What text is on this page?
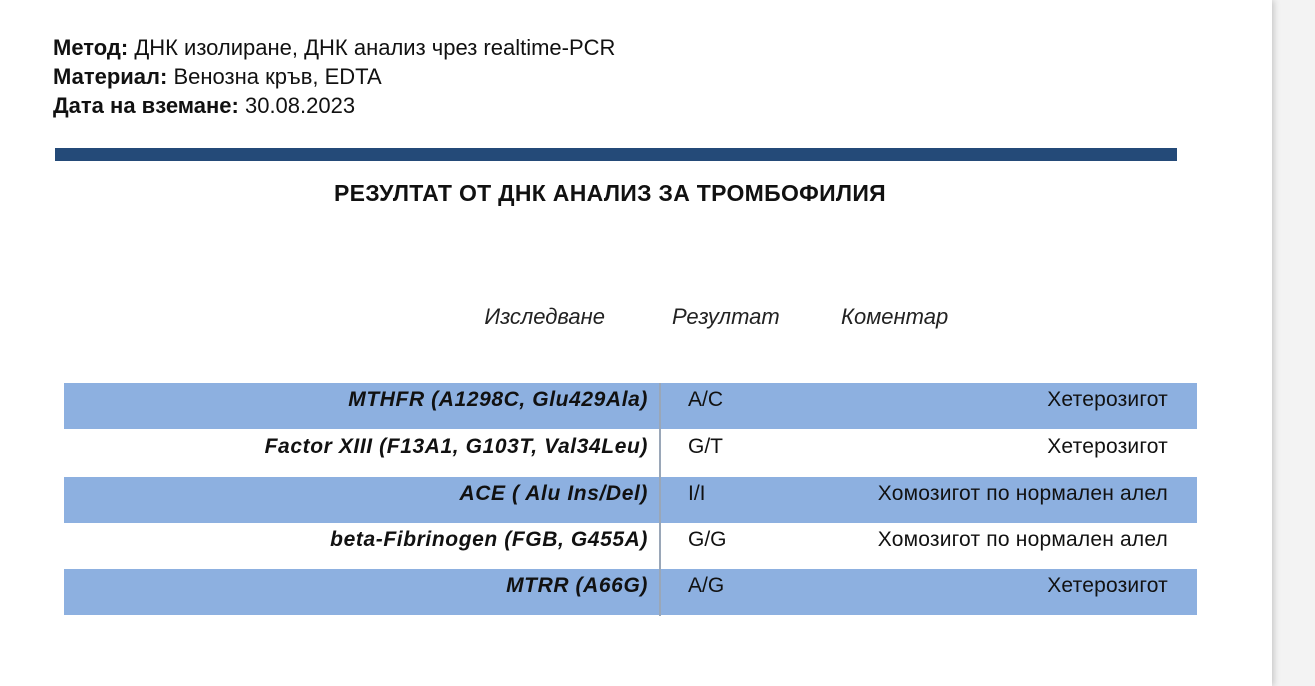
Метод: ДНК изолиране, ДНК анализ чрез realtime-PCR
Материал: Венозна кръв, EDTA
Дата на вземане: 30.08.2023
РЕЗУЛТАТ ОТ ДНК АНАЛИЗ ЗА ТРОМБОФИЛИЯ
Изследване	Резултат	Коментар
MTHFR (A1298C, Glu429Ala) A/C	Хетерозигот
Factor XIII (F13A1, G103T, Val34Leu) G/T	Хетерозигот
ACE ( Alu Ins/Del) I/I	Хомозигот по нормален алел
beta-Fibrinogen (FGB, G455A) G/G	Хомозигот по нормален алел
MTRR (A66G) A/G	Хетерозигот
